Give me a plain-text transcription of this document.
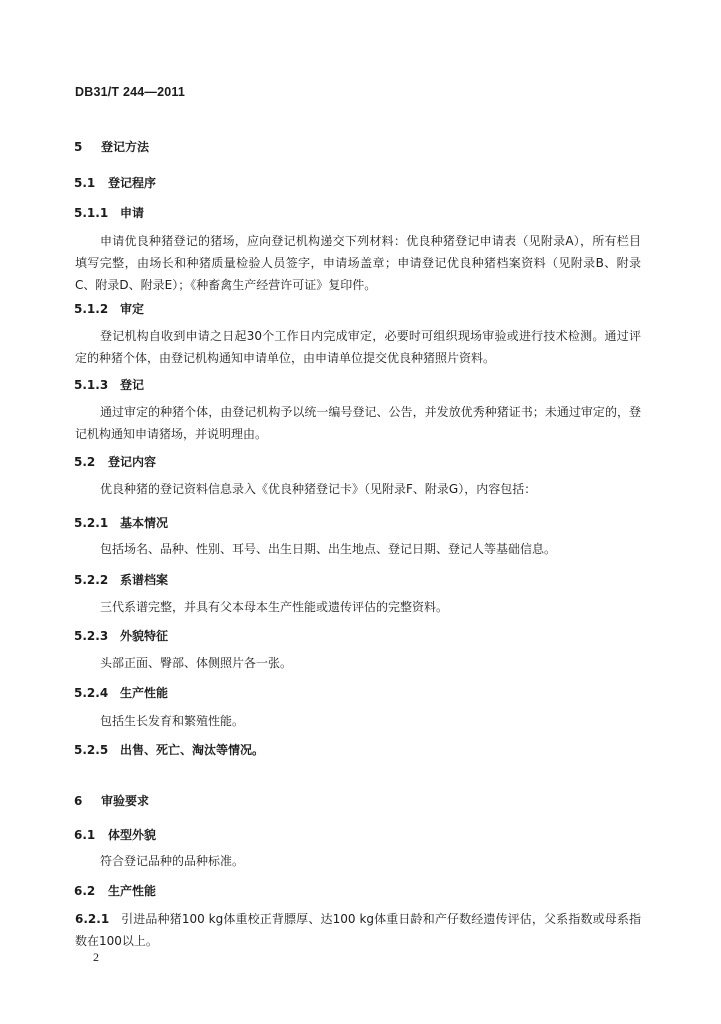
DB31/T 244—2011
5 登记方法
5.1 登记程序
5.1.1 申请
申请优良种猪登记的猪场，应向登记机构递交下列材料：优良种猪登记申请表（见附录A），所有栏目填写完整，由场长和种猪质量检验人员签字，申请场盖章；申请登记优良种猪档案资料（见附录B、附录C、附录D、附录E）；《种畜禽生产经营许可证》复印件。
5.1.2 审定
登记机构自收到申请之日起30个工作日内完成审定，必要时可组织现场审验或进行技术检测。通过评定的种猪个体，由登记机构通知申请单位，由申请单位提交优良种猪照片资料。
5.1.3 登记
通过审定的种猪个体，由登记机构予以统一编号登记、公告，并发放优秀种猪证书；未通过审定的，登记机构通知申请猪场，并说明理由。
5.2 登记内容
优良种猪的登记资料信息录入《优良种猪登记卡》（见附录F、附录G），内容包括：
5.2.1 基本情况
包括场名、品种、性别、耳号、出生日期、出生地点、登记日期、登记人等基础信息。
5.2.2 系谱档案
三代系谱完整，并具有父本母本生产性能或遗传评估的完整资料。
5.2.3 外貌特征
头部正面、臀部、体侧照片各一张。
5.2.4 生产性能
包括生长发育和繁殖性能。
5.2.5 出售、死亡、淘汰等情况。
6 审验要求
6.1 体型外貌
符合登记品种的品种标准。
6.2 生产性能
6.2.1 引进品种猪100 kg体重校正背膘厚、达100 kg体重日龄和产仔数经遗传评估，父系指数或母系指数在100以上。
2
